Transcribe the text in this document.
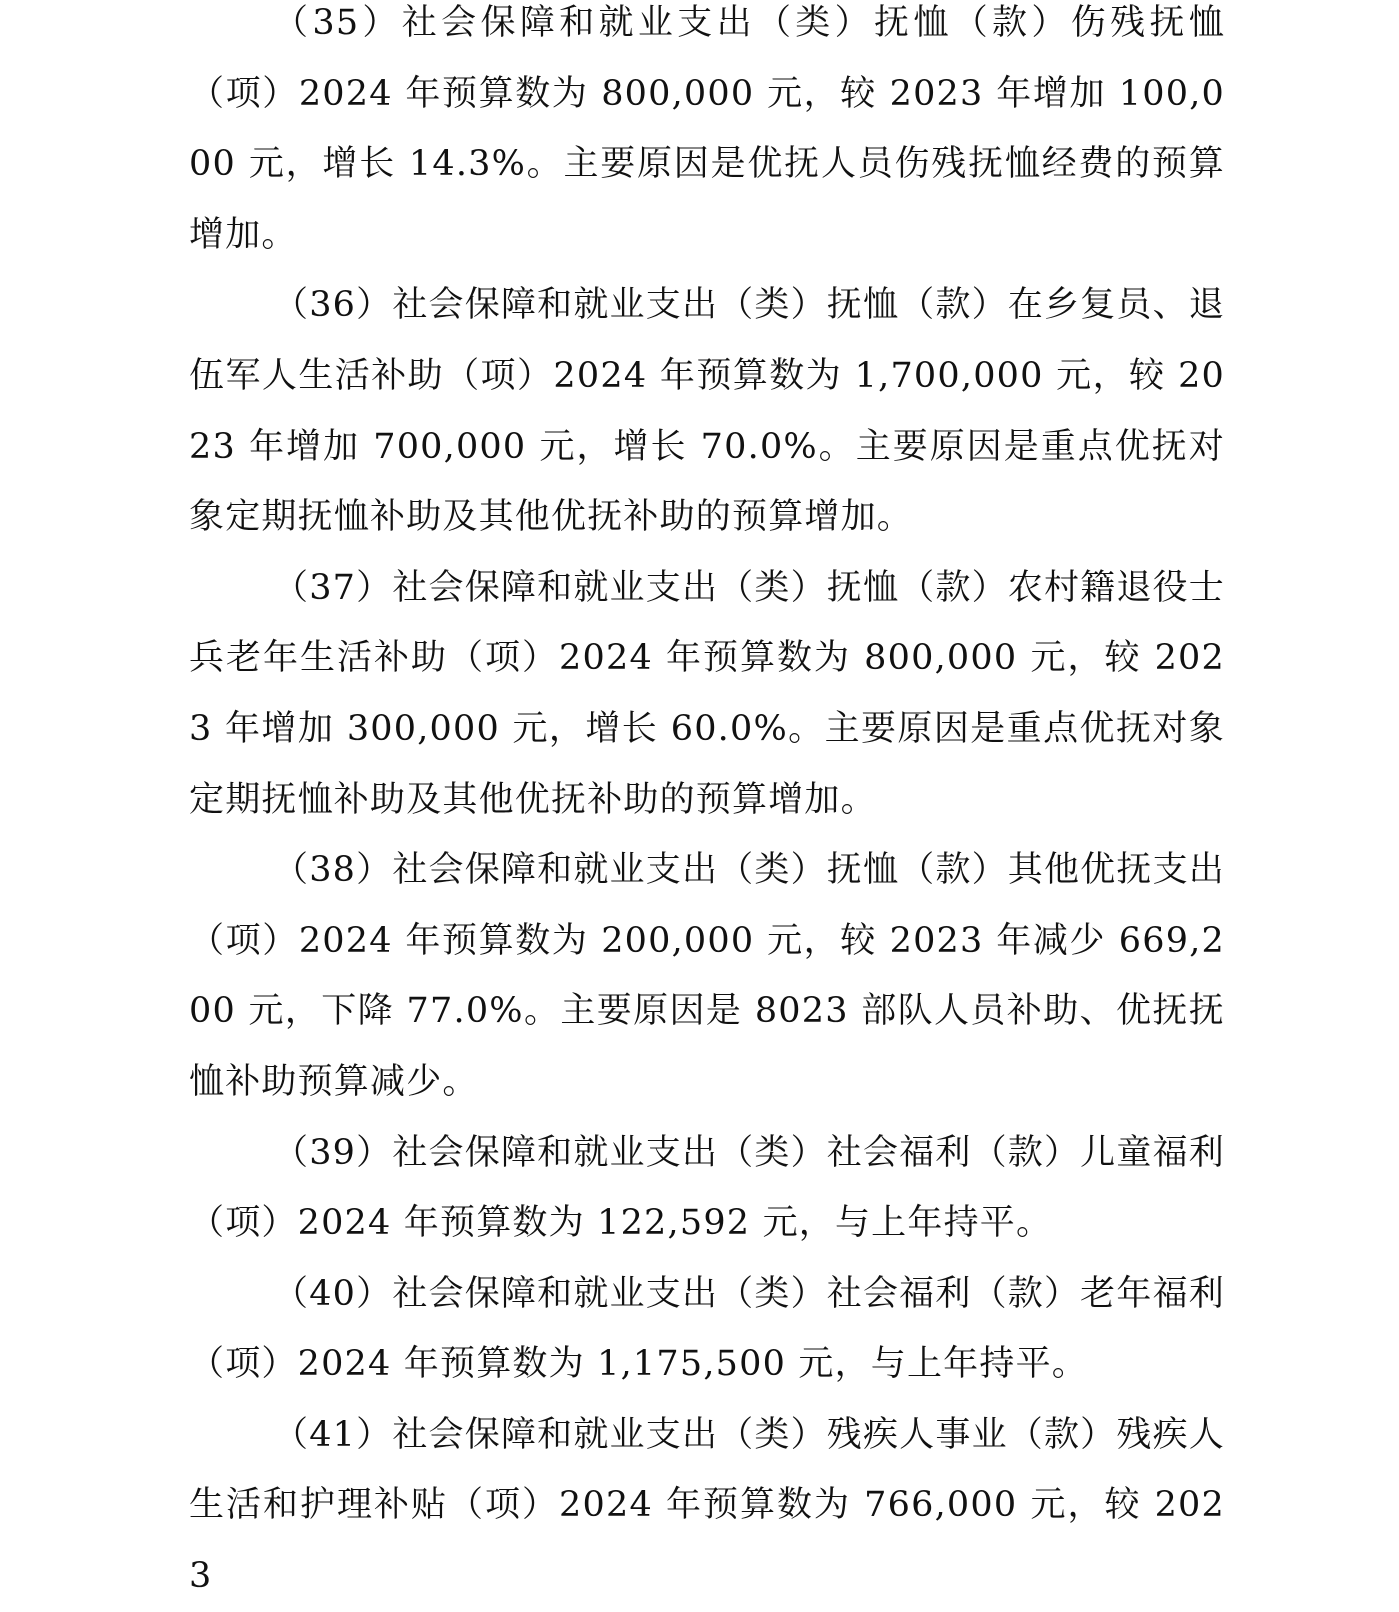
（35）社会保障和就业支出（类）抚恤（款）伤残抚恤（项）2024 年预算数为 800,000 元，较 2023 年增加 100,000 元，增长 14.3%。主要原因是优抚人员伤残抚恤经费的预算增加。

（36）社会保障和就业支出（类）抚恤（款）在乡复员、退伍军人生活补助（项）2024 年预算数为 1,700,000 元，较 2023 年增加 700,000 元，增长 70.0%。主要原因是重点优抚对象定期抚恤补助及其他优抚补助的预算增加。

（37）社会保障和就业支出（类）抚恤（款）农村籍退役士兵老年生活补助（项）2024 年预算数为 800,000 元，较 2023 年增加 300,000 元，增长 60.0%。主要原因是重点优抚对象定期抚恤补助及其他优抚补助的预算增加。

（38）社会保障和就业支出（类）抚恤（款）其他优抚支出（项）2024 年预算数为 200,000 元，较 2023 年减少 669,200 元，下降 77.0%。主要原因是 8023 部队人员补助、优抚抚恤补助预算减少。

（39）社会保障和就业支出（类）社会福利（款）儿童福利（项）2024 年预算数为 122,592 元，与上年持平。

（40）社会保障和就业支出（类）社会福利（款）老年福利（项）2024 年预算数为 1,175,500 元，与上年持平。

（41）社会保障和就业支出（类）残疾人事业（款）残疾人生活和护理补贴（项）2024 年预算数为 766,000 元，较 2023
